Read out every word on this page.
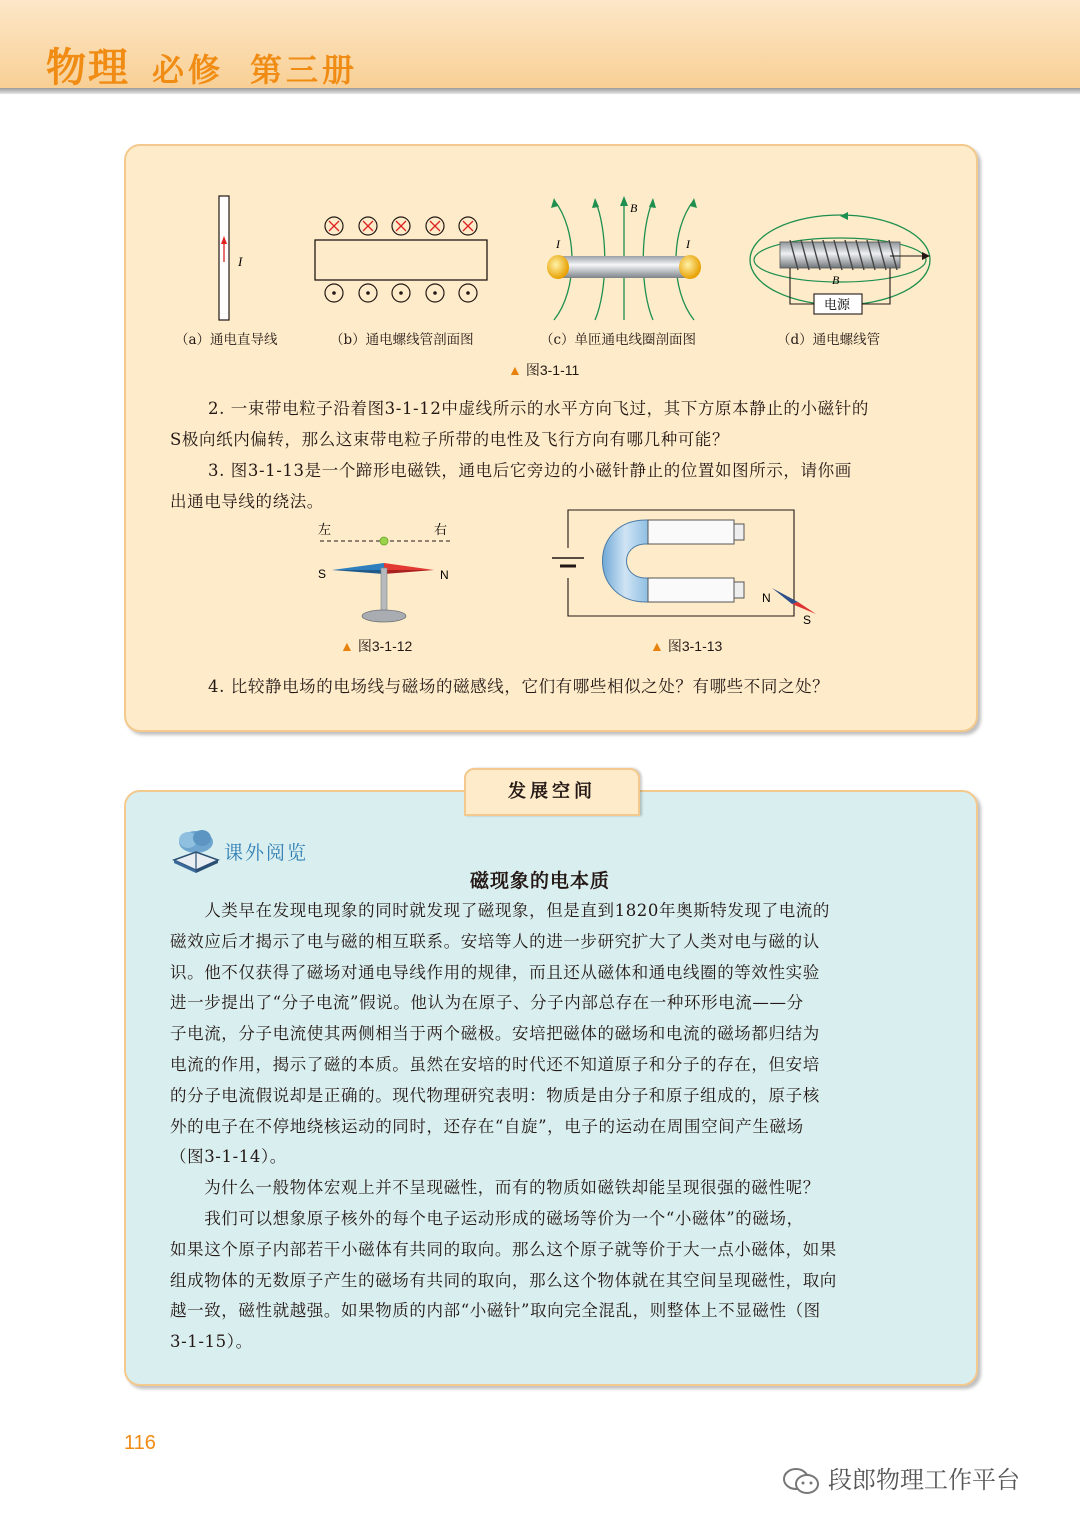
物理 必修 第三册
I
I	I
B
电源
B
（a）通电直导线	（b）通电螺线管剖面图	（c）单匝通电线圈剖面图	（d）通电螺线管
▲ 图3-1-11
2. 一束带电粒子沿着图3-1-12中虚线所示的水平方向飞过，其下方原本静止的小磁针的
S极向纸内偏转，那么这束带电粒子所带的电性及飞行方向有哪几种可能？
3. 图3-1-13是一个蹄形电磁铁，通电后它旁边的小磁针静止的位置如图所示，请你画
出通电导线的绕法。
左	右
S	N
▲ 图3-1-12
N
S
▲ 图3-1-13
4. 比较静电场的电场线与磁场的磁感线，它们有哪些相似之处？有哪些不同之处？
发展空间
课外阅览
磁现象的电本质
　　人类早在发现电现象的同时就发现了磁现象，但是直到1820年奥斯特发现了电流的
磁效应后才揭示了电与磁的相互联系。安培等人的进一步研究扩大了人类对电与磁的认
识。他不仅获得了磁场对通电导线作用的规律，而且还从磁体和通电线圈的等效性实验
进一步提出了“分子电流”假说。他认为在原子、分子内部总存在一种环形电流——分
子电流，分子电流使其两侧相当于两个磁极。安培把磁体的磁场和电流的磁场都归结为
电流的作用，揭示了磁的本质。虽然在安培的时代还不知道原子和分子的存在，但安培
的分子电流假说却是正确的。现代物理研究表明：物质是由分子和原子组成的，原子核
外的电子在不停地绕核运动的同时，还存在“自旋”，电子的运动在周围空间产生磁场
（图3-1-14）。
　　为什么一般物体宏观上并不呈现磁性，而有的物质如磁铁却能呈现很强的磁性呢？
　　我们可以想象原子核外的每个电子运动形成的磁场等价为一个“小磁体”的磁场，
如果这个原子内部若干小磁体有共同的取向。那么这个原子就等价于大一点小磁体，如果
组成物体的无数原子产生的磁场有共同的取向，那么这个物体就在其空间呈现磁性，取向
越一致，磁性就越强。如果物质的内部“小磁针”取向完全混乱，则整体上不显磁性（图
3-1-15）。
116
段郎物理工作平台
